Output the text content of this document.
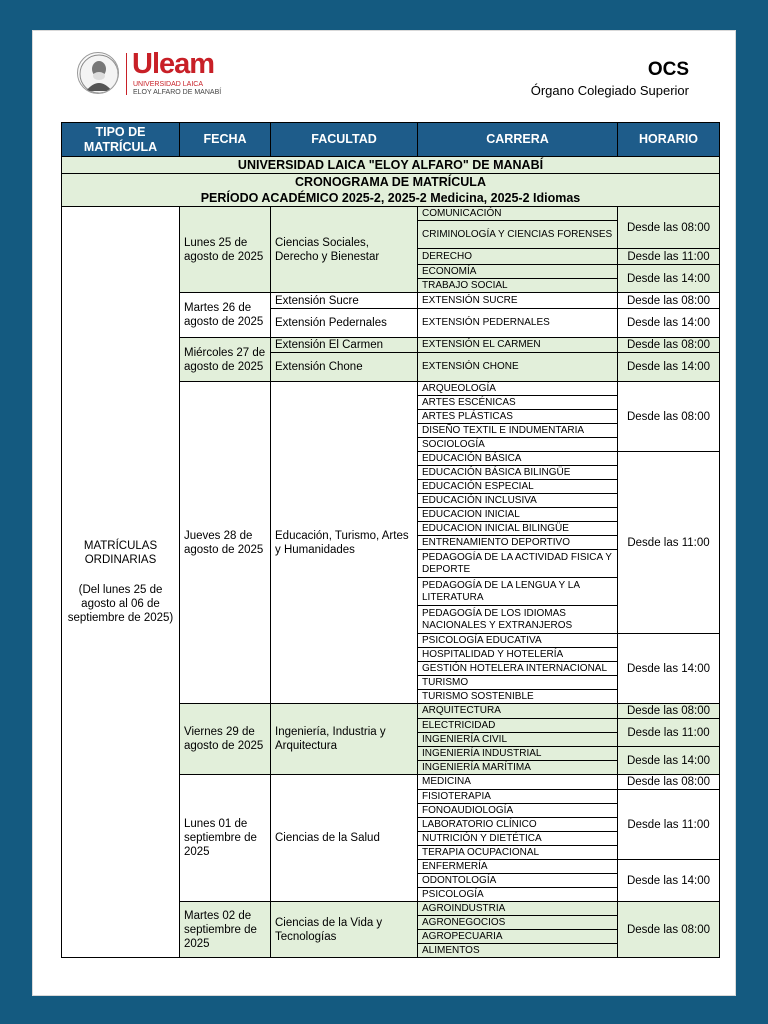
Uleam
UNIVERSIDAD LAICA
ELOY ALFARO DE MANABÍ
OCS
Órgano Colegiado Superior
UNIVERSIDAD LAICA "ELOY ALFARO" DE MANABÍ				
CRONOGRAMA DE MATRÍCULA				
PERÍODO ACADÉMICO 2025-2, 2025-2 Medicina, 2025-2 Idiomas				
TIPO DE MATRÍCULA	FECHA	FACULTAD	CARRERA	HORARIO

MATRÍCULAS ORDINARIAS
(Del lunes 25 de agosto al 06 de septiembre de 2025)	Lunes 25 de agosto de 2025	Ciencias Sociales, Derecho y Bienestar	COMUNICACIÓN	Desde las 08:00
			CRIMINOLOGÍA Y CIENCIAS FORENSES	

			DERECHO	Desde las 11:00
			ECONOMÍA	Desde las 14:00
			TRABAJO SOCIAL	
	Martes 26 de agosto de 2025	Extensión Sucre	EXTENSIÓN SUCRE	Desde las 08:00
		Extensión Pedernales	EXTENSIÓN PEDERNALES	Desde las 14:00
	Miércoles 27 de agosto de 2025	Extensión El Carmen	EXTENSIÓN EL CARMEN	Desde las 08:00
		Extensión Chone	EXTENSIÓN CHONE	Desde las 14:00
	Jueves 28 de agosto de 2025	Educación, Turismo, Artes y Humanidades	ARQUEOLOGÍA	Desde las 08:00
			ARTES ESCÉNICAS	
			ARTES PLÁSTICAS	
			DISEÑO TEXTIL E INDUMENTARIA	
			SOCIOLOGÍA	
			EDUCACIÓN BÁSICA	Desde las 11:00
			EDUCACIÓN BÁSICA BILINGÜE	
			EDUCACIÓN ESPECIAL	
			EDUCACIÓN INCLUSIVA	
			EDUCACION INICIAL	
			EDUCACION INICIAL BILINGÜE	
			ENTRENAMIENTO DEPORTIVO	
			PEDAGOGÍA DE LA ACTIVIDAD FISICA Y DEPORTE	

			PEDAGOGÍA DE LA LENGUA Y LA LITERATURA	

			PEDAGOGÍA DE LOS IDIOMAS NACIONALES Y EXTRANJEROS	

			PSICOLOGÍA EDUCATIVA	Desde las 14:00
			HOSPITALIDAD Y HOTELERÍA	
			GESTIÓN HOTELERA INTERNACIONAL	
			TURISMO	
			TURISMO SOSTENIBLE	
	Viernes 29 de agosto de 2025	Ingeniería, Industria y Arquitectura	ARQUITECTURA	Desde las 08:00
			ELECTRICIDAD	Desde las 11:00
			INGENIERÍA CIVIL	
			INGENIERÍA INDUSTRIAL	Desde las 14:00
			INGENIERÍA MARÍTIMA	
	Lunes 01 de septiembre de 2025	Ciencias de la Salud	MEDICINA	Desde las 08:00
			FISIOTERAPIA	Desde las 11:00
			FONOAUDIOLOGÍA	
			LABORATORIO CLÍNICO	
			NUTRICIÓN Y DIETÉTICA	
			TERAPIA OCUPACIONAL	
			ENFERMERÍA	Desde las 14:00
			ODONTOLOGÍA	
			PSICOLOGÍA	
	Martes 02 de septiembre de 2025	Ciencias de la Vida y Tecnologías	AGROINDUSTRIA	Desde las 08:00
			AGRONEGOCIOS	
			AGROPECUARIA	
			ALIMENTOS	
